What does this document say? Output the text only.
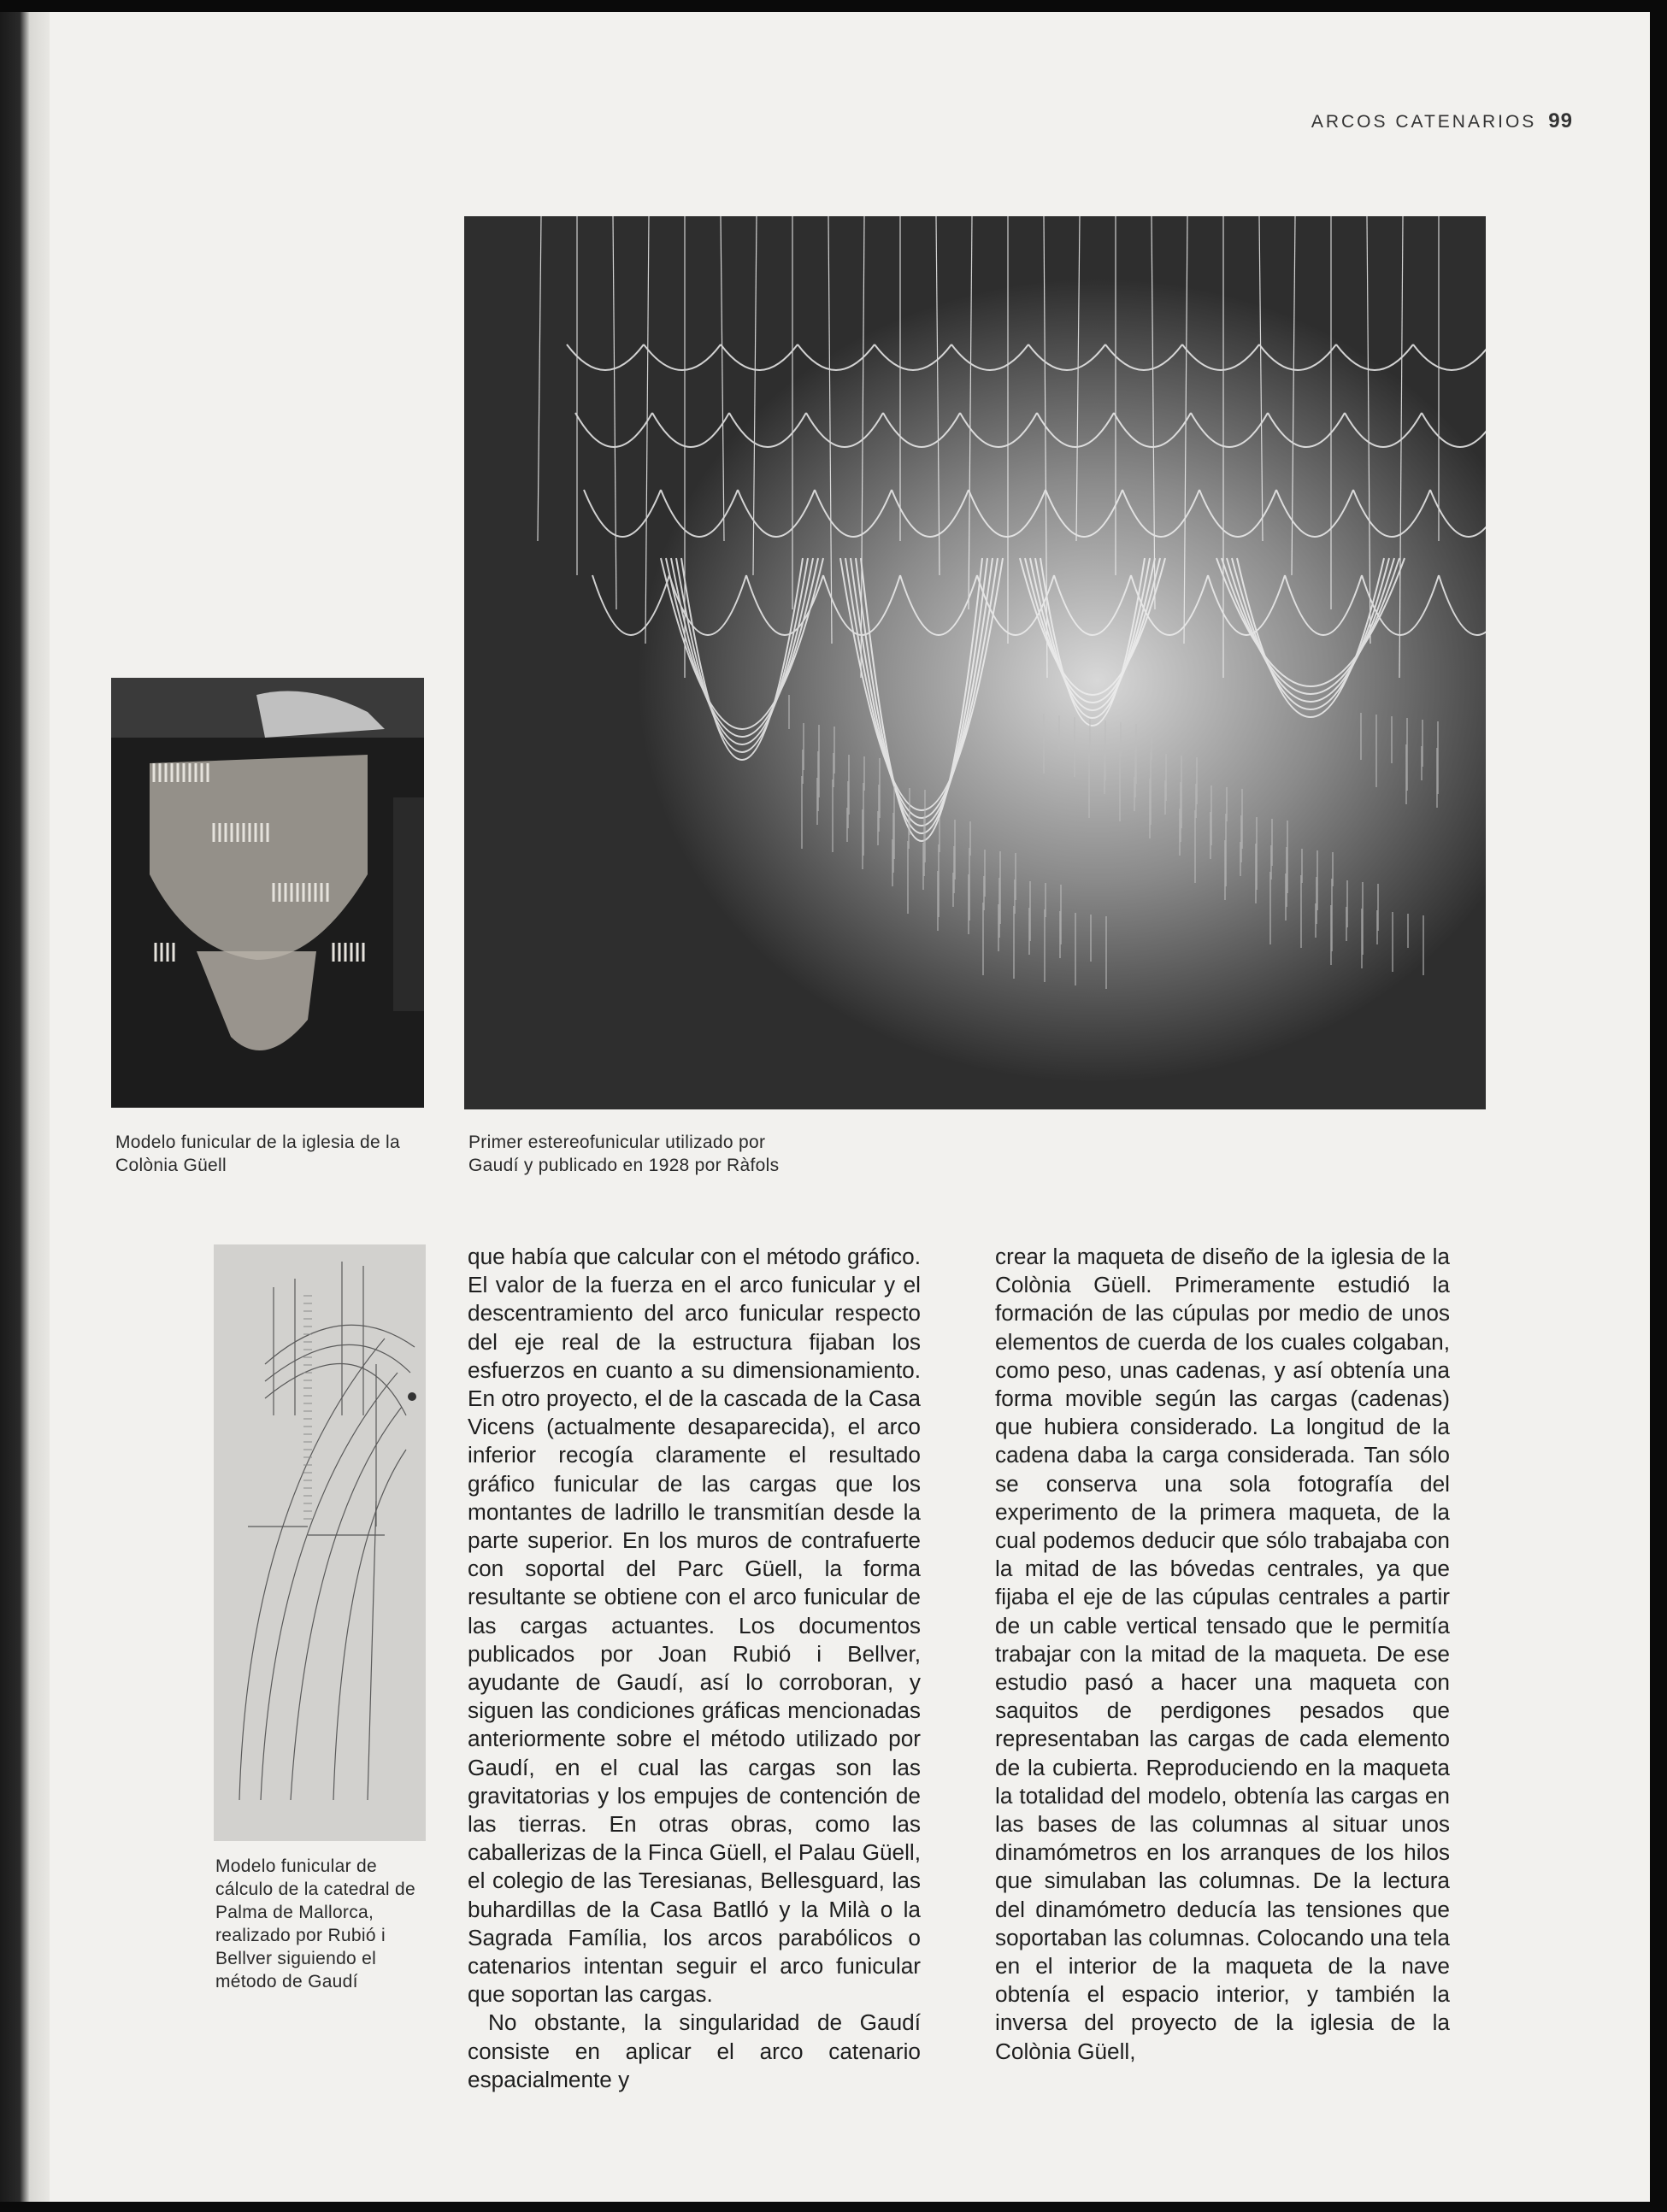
ARCOS CATENARIOS 99
Modelo funicular de la iglesia de la Colònia Güell
Primer estereofunicular utilizado por Gaudí y publicado en 1928 por Ràfols
Modelo funicular de cálculo de la catedral de Palma de Mallorca, realizado por Rubió i Bellver siguiendo el método de Gaudí

que había que calcular con el método gráfico. El valor de la fuerza en el arco funicular y el descentramiento del arco funicular respecto del eje real de la estructura fijaban los esfuerzos en cuanto a su dimensionamiento. En otro proyecto, el de la cascada de la Casa Vicens (actualmente desaparecida), el arco inferior recogía claramente el resultado gráfico funicular de las cargas que los montantes de ladrillo le transmitían desde la parte superior. En los muros de contrafuerte con soportal del Parc Güell, la forma resultante se obtiene con el arco funicular de las cargas actuantes. Los documentos publicados por Joan Rubió i Bellver, ayudante de Gaudí, así lo corroboran, y siguen las condiciones gráficas mencionadas anteriormente sobre el método utilizado por Gaudí, en el cual las cargas son las gravitatorias y los empujes de contención de las tierras. En otras obras, como las caballerizas de la Finca Güell, el Palau Güell, el colegio de las Teresianas, Bellesguard, las buhardillas de la Casa Batlló y la Milà o la Sagrada Família, los arcos parabólicos o catenarios intentan seguir el arco funicular que soportan las cargas.

No obstante, la singularidad de Gaudí consiste en aplicar el arco catenario espacialmente y

crear la maqueta de diseño de la iglesia de la Colònia Güell. Primeramente estudió la formación de las cúpulas por medio de unos elementos de cuerda de los cuales colgaban, como peso, unas cadenas, y así obtenía una forma movible según las cargas (cadenas) que hubiera considerado. La longitud de la cadena daba la carga considerada. Tan sólo se conserva una sola fotografía del experimento de la primera maqueta, de la cual podemos deducir que sólo trabajaba con la mitad de las bóvedas centrales, ya que fijaba el eje de las cúpulas centrales a partir de un cable vertical tensado que le permitía trabajar con la mitad de la maqueta. De ese estudio pasó a hacer una maqueta con saquitos de perdigones pesados que representaban las cargas de cada elemento de la cubierta. Reproduciendo en la maqueta la totalidad del modelo, obtenía las cargas en las bases de las columnas al situar unos dinamómetros en los arranques de los hilos que simulaban las columnas. De la lectura del dinamómetro deducía las tensiones que soportaban las columnas. Colocando una tela en el interior de la maqueta de la nave obtenía el espacio interior, y también la inversa del proyecto de la iglesia de la Colònia Güell,
